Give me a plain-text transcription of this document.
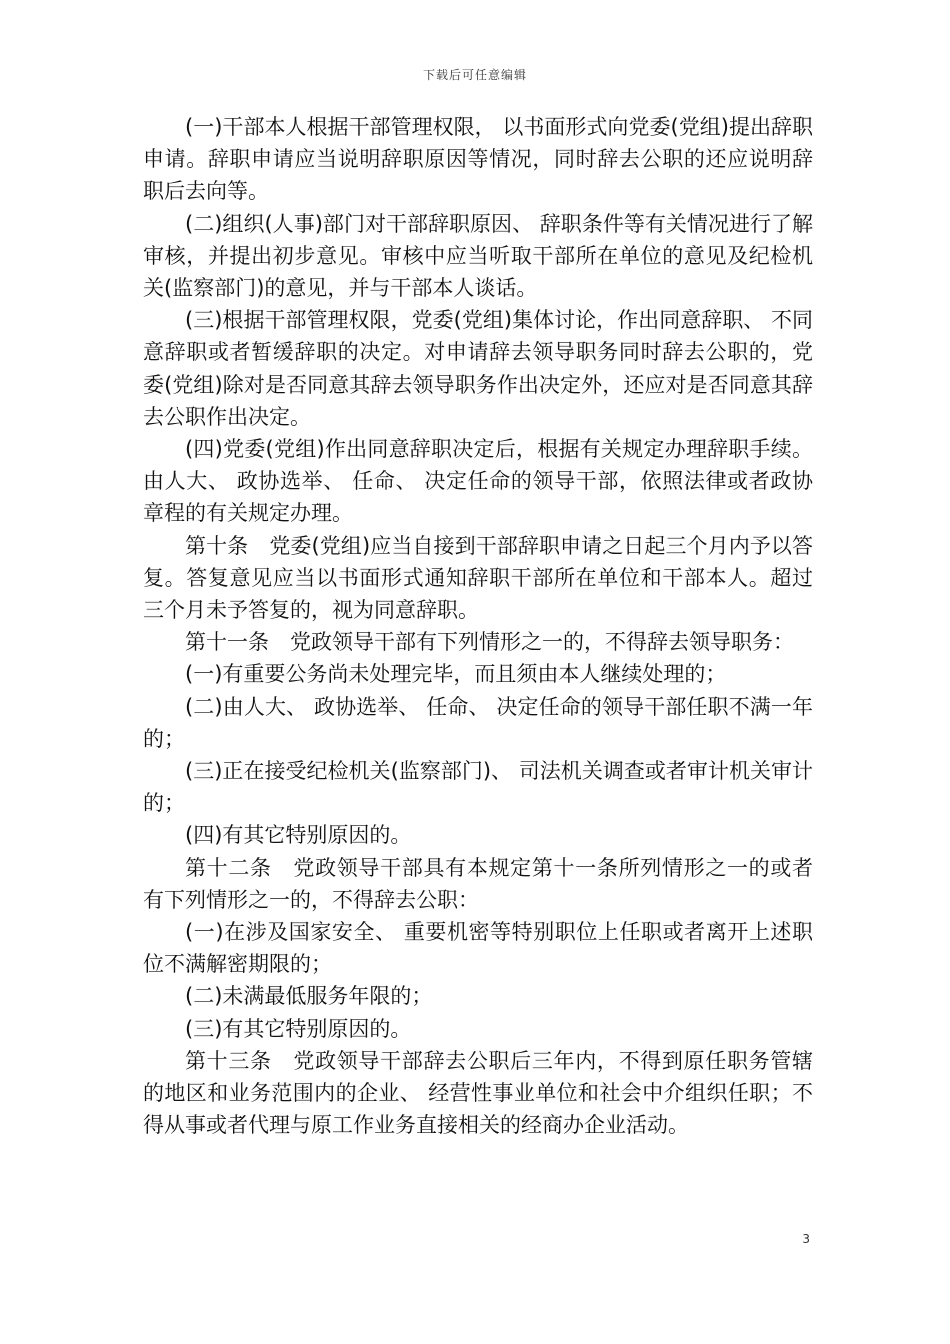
下载后可任意编辑

(一)干部本人根据干部管理权限， 以书面形式向党委(党组)提出辞职申请。辞职申请应当说明辞职原因等情况，同时辞去公职的还应说明辞职后去向等。

(二)组织(人事)部门对干部辞职原因、 辞职条件等有关情况进行了解审核，并提出初步意见。审核中应当听取干部所在单位的意见及纪检机关(监察部门)的意见，并与干部本人谈话。

(三)根据干部管理权限，党委(党组)集体讨论，作出同意辞职、 不同意辞职或者暂缓辞职的决定。对申请辞去领导职务同时辞去公职的，党委(党组)除对是否同意其辞去领导职务作出决定外，还应对是否同意其辞去公职作出决定。

(四)党委(党组)作出同意辞职决定后，根据有关规定办理辞职手续。由人大、 政协选举、 任命、 决定任命的领导干部，依照法律或者政协章程的有关规定办理。

第十条　党委(党组)应当自接到干部辞职申请之日起三个月内予以答复。答复意见应当以书面形式通知辞职干部所在单位和干部本人。超过三个月未予答复的，视为同意辞职。

第十一条　党政领导干部有下列情形之一的，不得辞去领导职务：

(一)有重要公务尚未处理完毕，而且须由本人继续处理的；

(二)由人大、 政协选举、 任命、 决定任命的领导干部任职不满一年的；

(三)正在接受纪检机关(监察部门)、 司法机关调查或者审计机关审计的；

(四)有其它特别原因的。

第十二条　党政领导干部具有本规定第十一条所列情形之一的或者有下列情形之一的，不得辞去公职：

(一)在涉及国家安全、 重要机密等特别职位上任职或者离开上述职位不满解密期限的；

(二)未满最低服务年限的；

(三)有其它特别原因的。

第十三条　党政领导干部辞去公职后三年内，不得到原任职务管辖的地区和业务范围内的企业、 经营性事业单位和社会中介组织任职；不得从事或者代理与原工作业务直接相关的经商办企业活动。

3
